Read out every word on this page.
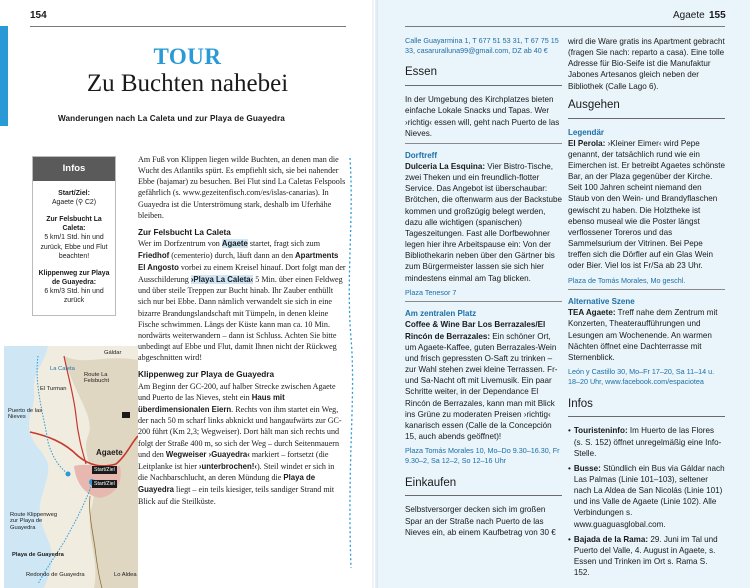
154
TOUR
Zu Buchten nahebei
Wanderungen nach La Caleta und zur Playa de Guayedra
Infos
Start/Ziel:
Agaete (⚲ C2)
Zur Felsbucht La Caleta:
5 km/1 Std. hin und zurück, Ebbe und Flut beachten!
Klippenweg zur Playa de Guayedra:
6 km/3 Std. hin und zurück

Am Fuß von Klippen liegen wilde Buchten, an denen man die Wucht des Atlantiks spürt. Es empfiehlt sich, sie bei nahender Ebbe (bajamar) zu besuchen. Bei Flut sind La Caletas Felspools gefährlich (s. www.gezeitenfisch.com/es/islas-canarias). In Guayedra ist die Unterströmung stark, deshalb im Uferhähe bleiben.

Zur Felsbucht La Caleta

Wer im Dorfzentrum von Agaete startet, fragt sich zum Friedhof (cementerio) durch, läuft dann an den Apartments El Angosto vorbei zu einem Kreisel hinauf. Dort folgt man der Ausschilderung ›Playa La Caleta‹ 5 Min. über einen Feldweg und über steile Treppen zur Bucht hinab. Ihr Zauber enthüllt sich nur bei Ebbe. Dann nämlich verwandelt sie sich in eine bizarre Brandungslandschaft mit Tümpeln, in denen kleine Fische schwimmen. Längs der Küste kann man ca. 10 Min. nordwärts weiterwandern – dann ist Schluss. Achten Sie bitte unbedingt auf Ebbe und Flut, damit Ihnen nicht der Rückweg abgeschnitten wird!

Klippenweg zur Playa de Guayedra

Am Beginn der GC-200, auf halber Strecke zwischen Agaete und Puerto de las Nieves, steht ein Haus mit überdimensionalen Eiern. Rechts von ihm startet ein Weg, der nach 50 m scharf links abknickt und hangaufwärts zur GC-200 führt (Km 2,3; Wegweiser). Dort hält man sich rechts und folgt der Straße 400 m, so sich der Weg – durch Seitenmauern und den Wegweiser ›Guayedra‹ markiert – fortsetzt (die Leitplanke ist hier ›unterbrochen!‹). Steil windet er sich in die Nachbarschlucht, an deren Mündung die Playa de Guayedra liegt – ein teils kiesiger, teils sandiger Strand mit Blick auf die Steilküste.

Gáldar
La Caleta
Route La Felsbucht
El Turman
Puerto de las Nieves
Agaete
Start/Ziel
Start/Ziel
Route Klippenweg zur Playa de Guayedra
Playa de Guayedra
Redondo de Guayedra	Lo Aldea
Agaete 155
Calle Guayarmina 1, T 677 51 53 31, T 67 75 15 33, casaruralluna99@gmail.com, DZ ab 40 €
Essen

In der Umgebung des Kirchplatzes bieten einfache Lokale Snacks und Tapas. Wer ›richtig‹ essen will, geht nach Puerto de las Nieves.

Dorftreff

Dulceria La Esquina: Vier Bistro-Tische, zwei Theken und ein freundlich-flotter Service. Das Angebot ist überschaubar: Brötchen, die oftenwarm aus der Backstube kommen und großzügig belegt werden, dazu alle wichtigen (spanischen) Tageszeitungen. Fast alle Dorfbewohner legen hier ihre Arbeitspause ein: Von der Bibliothekarin neben über den Gärtner bis zum Bürgermeister lassen sie sich hier mindestens einmal am Tag blicken.

Plaza Tenesor 7
Am zentralen Platz

Coffee & Wine Bar Los Berrazales/El Rincón de Berrazales: Ein schöner Ort, um Agaete-Kaffee, guten Berrazales-Wein und frisch gepressten O-Saft zu trinken – zur Wahl stehen zwei kleine Terrassen. Fr- und Sa-Nacht oft mit Livemusik. Ein paar Schritte weiter, in der Dependance El Rincón de Berrazales, kann man mit Blick ins Grüne zu moderaten Preisen ›richtig‹ kanarisch essen (Calle de la Concepción 15, auch abends geöffnet)!

Plaza Tomás Morales 10, Mo–Do 9.30–16.30, Fr 9.30–2, Sa 12–2, So 12–16 Uhr
Einkaufen

Selbstversorger decken sich im großen Spar an der Straße nach Puerto de las Nieves ein, ab einem Kaufbetrag von 30 €

wird die Ware gratis ins Apartment gebracht (fragen Sie nach: reparto a casa). Eine tolle Adresse für Bio-Seife ist die Manufaktur Jabones Artesanos gleich neben der Bibliothek (Calle Lago 6).

Ausgehen
Legendär

El Perola: ›Kleiner Eimer‹ wird Pepe genannt, der tatsächlich rund wie ein Eimerchen ist. Er betreibt Agaetes schönste Bar, an der Plaza gegenüber der Kirche. Seit 100 Jahren scheint niemand den Staub von den Wein- und Brandyflaschen gewischt zu haben. Die Holztheke ist ebenso museal wie die Poster längst verflossener Toreros und das Sammelsurium der Vitrinen. Bei Pepe treffen sich die Dörfler auf ein Glas Wein oder Bier. Viel los ist Fr/Sa ab 23 Uhr.

Plaza de Tomás Morales, Mo geschl.
Alternative Szene

TEA Agaete: Treff nahe dem Zentrum mit Konzerten, Theateraufführungen und Lesungen am Wochenende. An warmen Nächten öffnet eine Dachterrasse mit Sternenblick.

León y Castillo 30, Mo–Fr 17–20, Sa 11–14 u. 18–20 Uhr, www.facebook.com/espaciotea
Infos
• Touristeninfo: Im Huerto de las Flores (s. S. 152) öffnet unregelmäßig eine Info-Stelle.
• Busse: Stündlich ein Bus via Gáldar nach Las Palmas (Linie 101–103), seltener nach La Aldea de San Nicolás (Linie 101) und ins Valle de Agaete (Linie 102). Alle Verbindungen s. www.guaguasglobal.com.
• Bajada de la Rama: 29. Juni im Tal und Puerto del Valle, 4. August in Agaete, s. Essen und Trinken im Ort s. Rama S. 152.
